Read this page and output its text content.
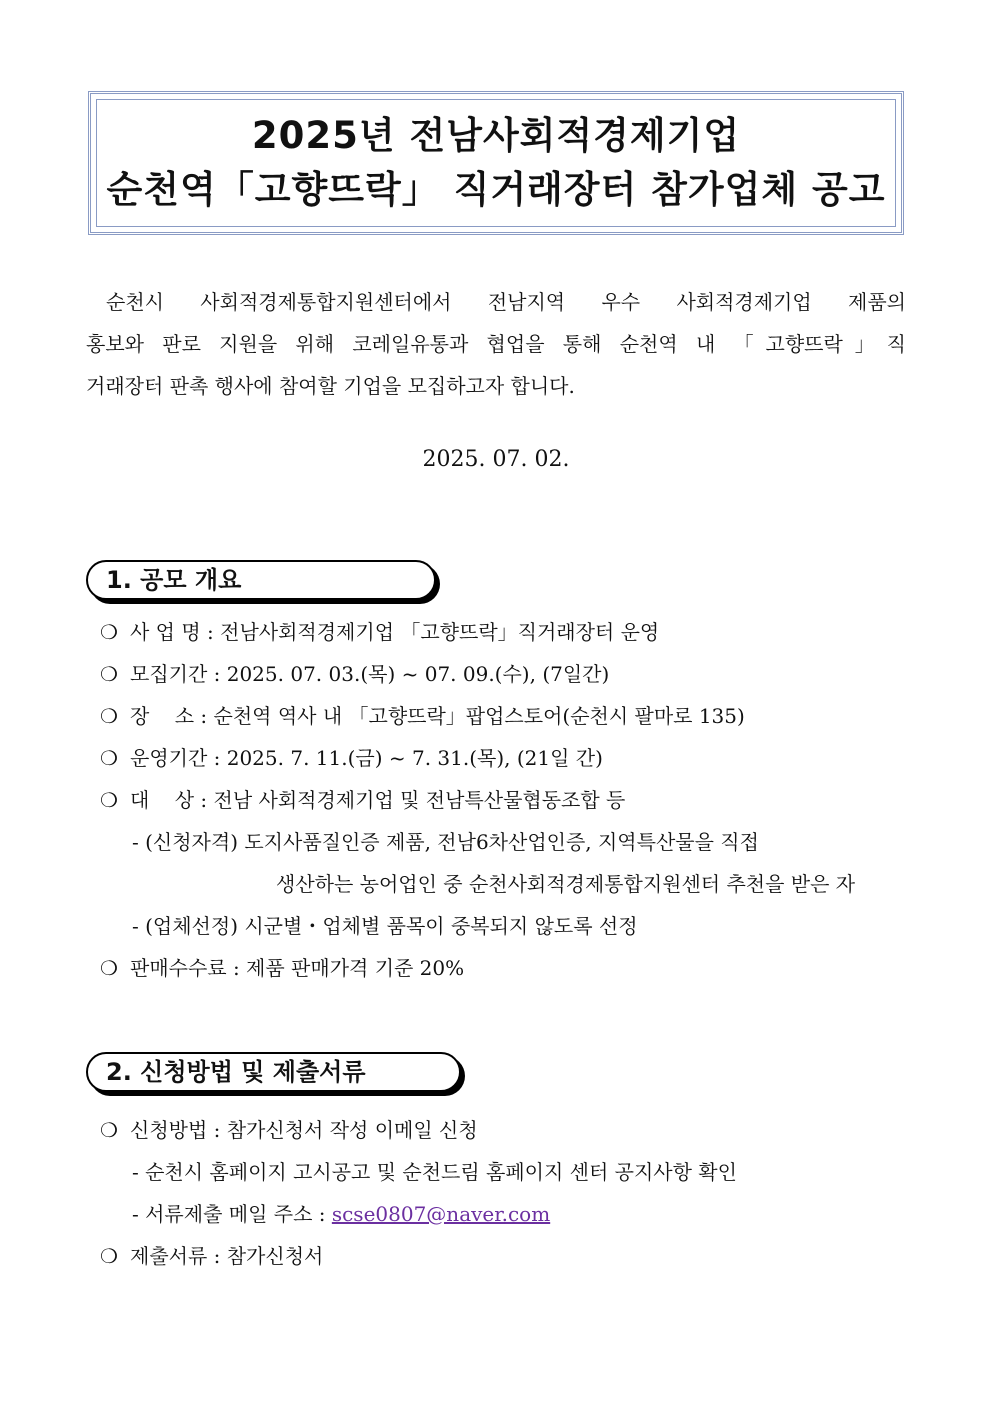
2025년 전남사회적경제기업
순천역「고향뜨락」 직거래장터 참가업체 공고
순천시 사회적경제통합지원센터에서 전남지역 우수 사회적경제기업 제품의
홍보와 판로 지원을 위해 코레일유통과 협업을 통해 순천역 내 「고향뜨락」직
거래장터 판촉 행사에 참여할 기업을 모집하고자 합니다.
2025. 07. 02.
1. 공모 개요
❍ 사 업 명 : 전남사회적경제기업 「고향뜨락」직거래장터 운영
❍ 모집기간 : 2025. 07. 03.(목) ~ 07. 09.(수), (7일간)
❍ 장    소 : 순천역 역사 내 「고향뜨락」팝업스토어(순천시 팔마로 135)
❍ 운영기간 : 2025. 7. 11.(금) ~ 7. 31.(목), (21일 간)
❍ 대    상 : 전남 사회적경제기업 및 전남특산물협동조합 등
- (신청자격) 도지사품질인증 제품, 전남6차산업인증, 지역특산물을 직접
생산하는 농어업인 중 순천사회적경제통합지원센터 추천을 받은 자
- (업체선정) 시군별・업체별 품목이 중복되지 않도록 선정
❍ 판매수수료 : 제품 판매가격 기준 20%
2. 신청방법 및 제출서류
❍ 신청방법 : 참가신청서 작성 이메일 신청
- 순천시 홈페이지 고시공고 및 순천드림 홈페이지 센터 공지사항 확인
- 서류제출 메일 주소 : scse0807@naver.com
❍ 제출서류 : 참가신청서
